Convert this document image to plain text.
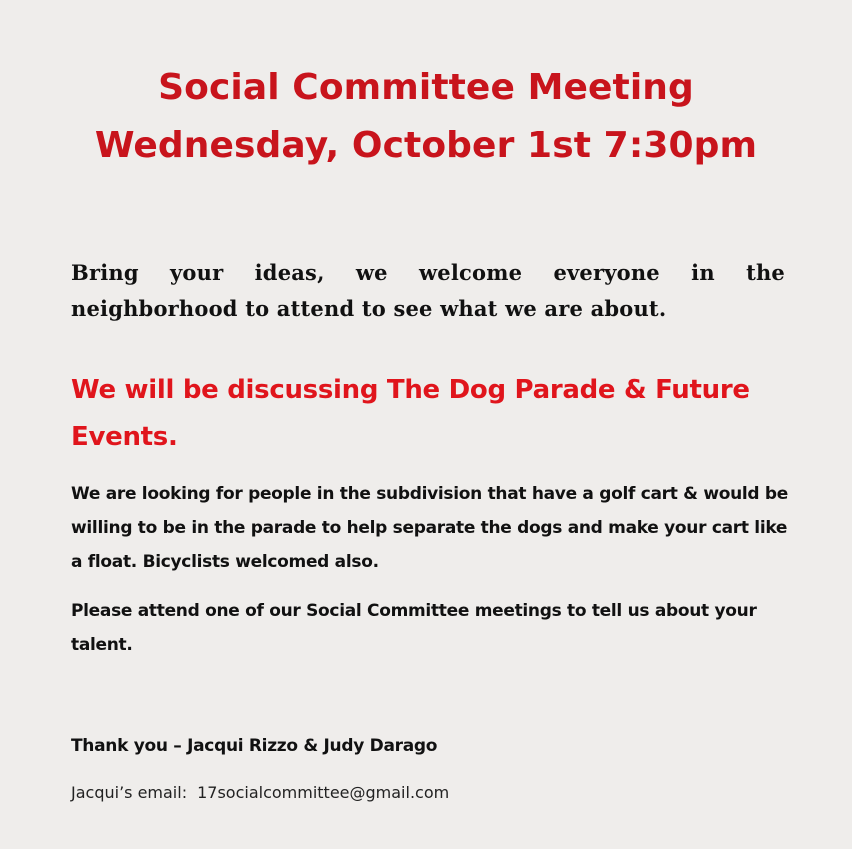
Social Committee Meeting
Wednesday, October 1st 7:30pm
Bring your ideas, we welcome everyone in the neighborhood to attend to see what we are about.
We will be discussing The Dog Parade & Future Events.
We are looking for people in the subdivision that have a golf cart & would be willing to be in the parade to help separate the dogs and make your cart like a float. Bicyclists welcomed also.
Please attend one of our Social Committee meetings to tell us about your talent.
Thank you – Jacqui Rizzo & Judy Darago
Jacqui’s email: 17socialcommittee@gmail.com
